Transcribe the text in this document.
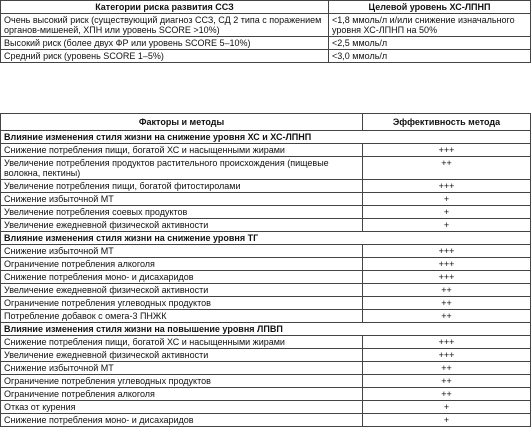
Категории риска развития ССЗ	Целевой уровень ХС-ЛПНП
Очень высокий риск (существующий диагноз ССЗ, СД 2 типа с поражением органов-мишеней, ХПН или уровень SCORE >10%)	<1,8 ммоль/л и/или снижение изначального уровня ХС-ЛПНП на 50%
Высокий риск (более двух ФР или уровень SCORE 5–10%)	<2,5 ммоль/л
Средний риск (уровень SCORE 1–5%)	<3,0 ммоль/л
Факторы и методы	Эффективность метода
Влияние изменения стиля жизни на снижение уровня ХС и ХС-ЛПНП	
Снижение потребления пищи, богатой ХС и насыщенными жирами	+++
Увеличение потребления продуктов растительного происхождения (пищевые волокна, пектины)	++
Увеличение потребления пищи, богатой фитостиролами	+++
Снижение избыточной МТ	+
Увеличение потребления соевых продуктов	+
Увеличение ежедневной физической активности	+
Влияние изменения стиля жизни на снижение уровня ТГ	
Снижение избыточной МТ	+++
Ограничение потребления алкоголя	+++
Снижение потребления моно- и дисахаридов	+++
Увеличение ежедневной физической активности	++
Ограничение потребления углеводных продуктов	++
Потребление добавок с омега-3 ПНЖК	++
Влияние изменения стиля жизни на повышение уровня ЛПВП	
Снижение потребления пищи, богатой ХС и насыщенными жирами	+++
Увеличение ежедневной физической активности	+++
Снижение избыточной МТ	++
Ограничение потребления углеводных продуктов	++
Ограничение потребления алкоголя	++
Отказ от курения	+
Снижение потребления моно- и дисахаридов	+
